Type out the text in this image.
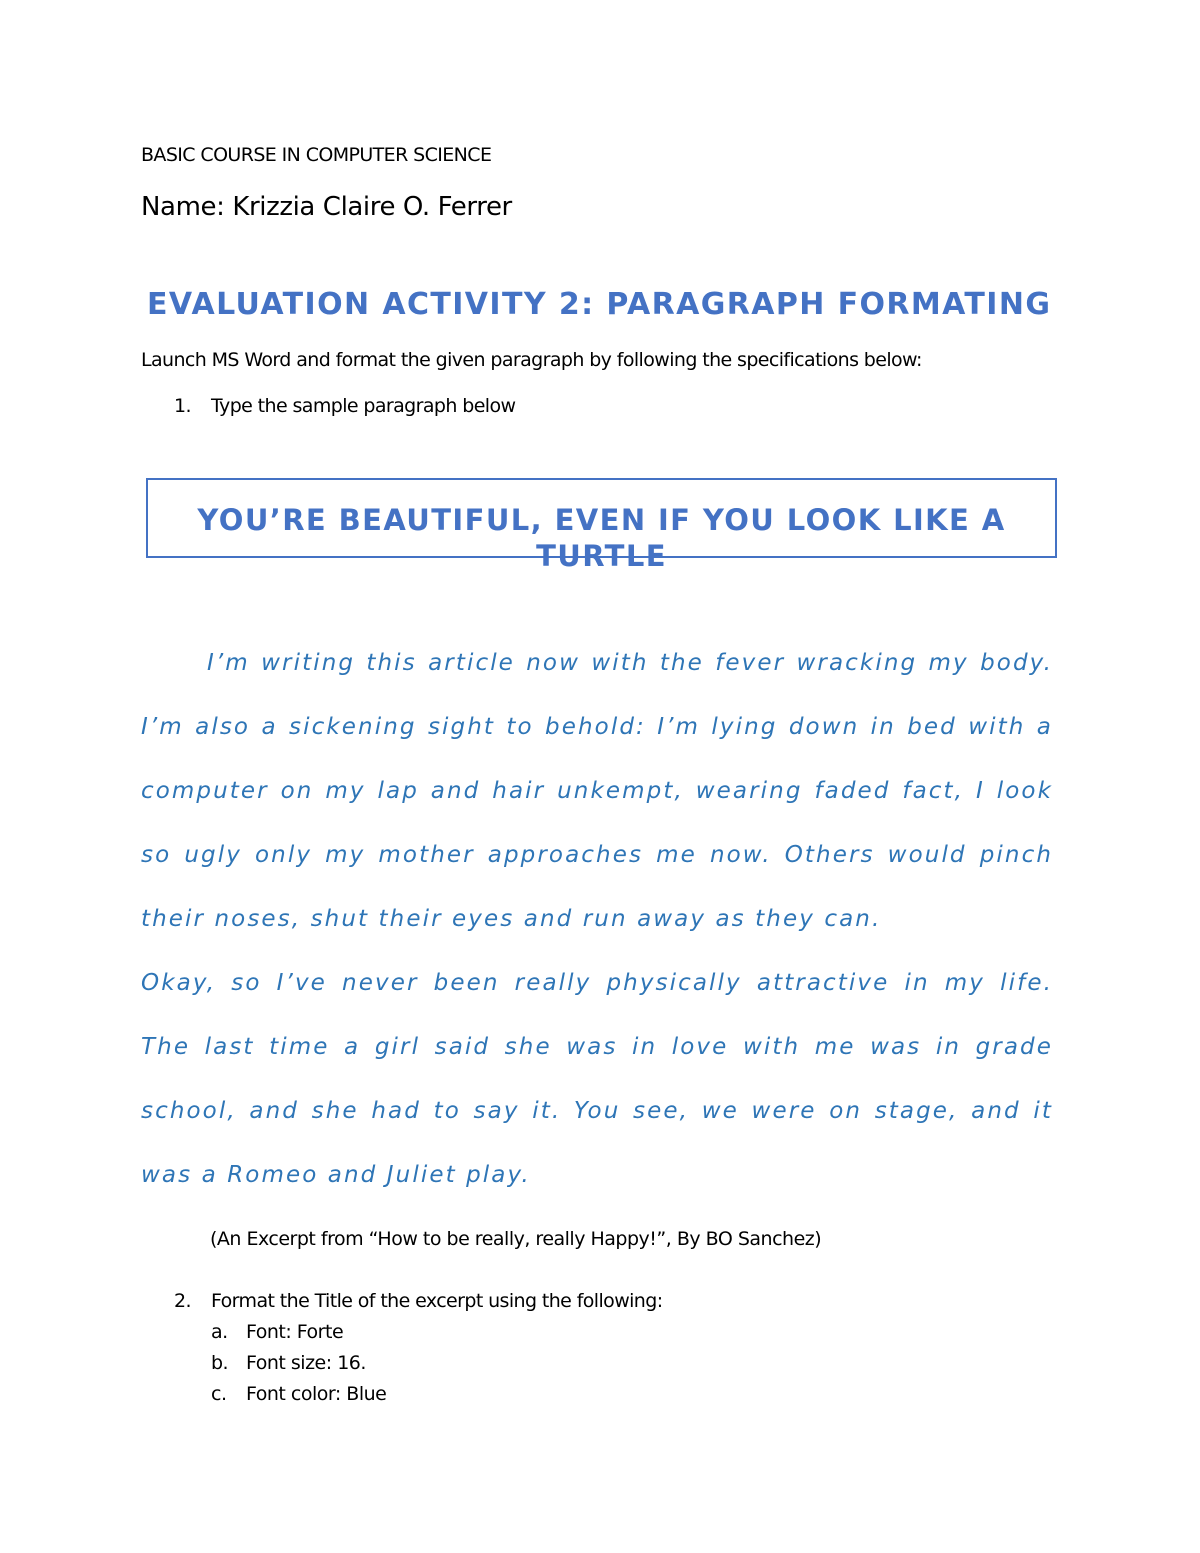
BASIC COURSE IN COMPUTER SCIENCE
Name: Krizzia Claire O. Ferrer
EVALUATION ACTIVITY 2: PARAGRAPH FORMATING
Launch MS Word and format the given paragraph by following the specifications below:
1. Type the sample paragraph below
YOU’RE BEAUTIFUL, EVEN IF YOU LOOK LIKE A TURTLE
I’m writing this article now with the fever wracking my body.
I’m also a sickening sight to behold: I’m lying down in bed with a
computer on my lap and hair unkempt, wearing faded fact, I look
so ugly only my mother approaches me now. Others would pinch
their noses, shut their eyes and run away as they can.
Okay, so I’ve never been really physically attractive in my life.
The last time a girl said she was in love with me was in grade
school, and she had to say it. You see, we were on stage, and it
was a Romeo and Juliet play.
(An Excerpt from “How to be really, really Happy!”, By BO Sanchez)
2. Format the Title of the excerpt using the following:
a. Font: Forte
b. Font size: 16.
c. Font color: Blue
